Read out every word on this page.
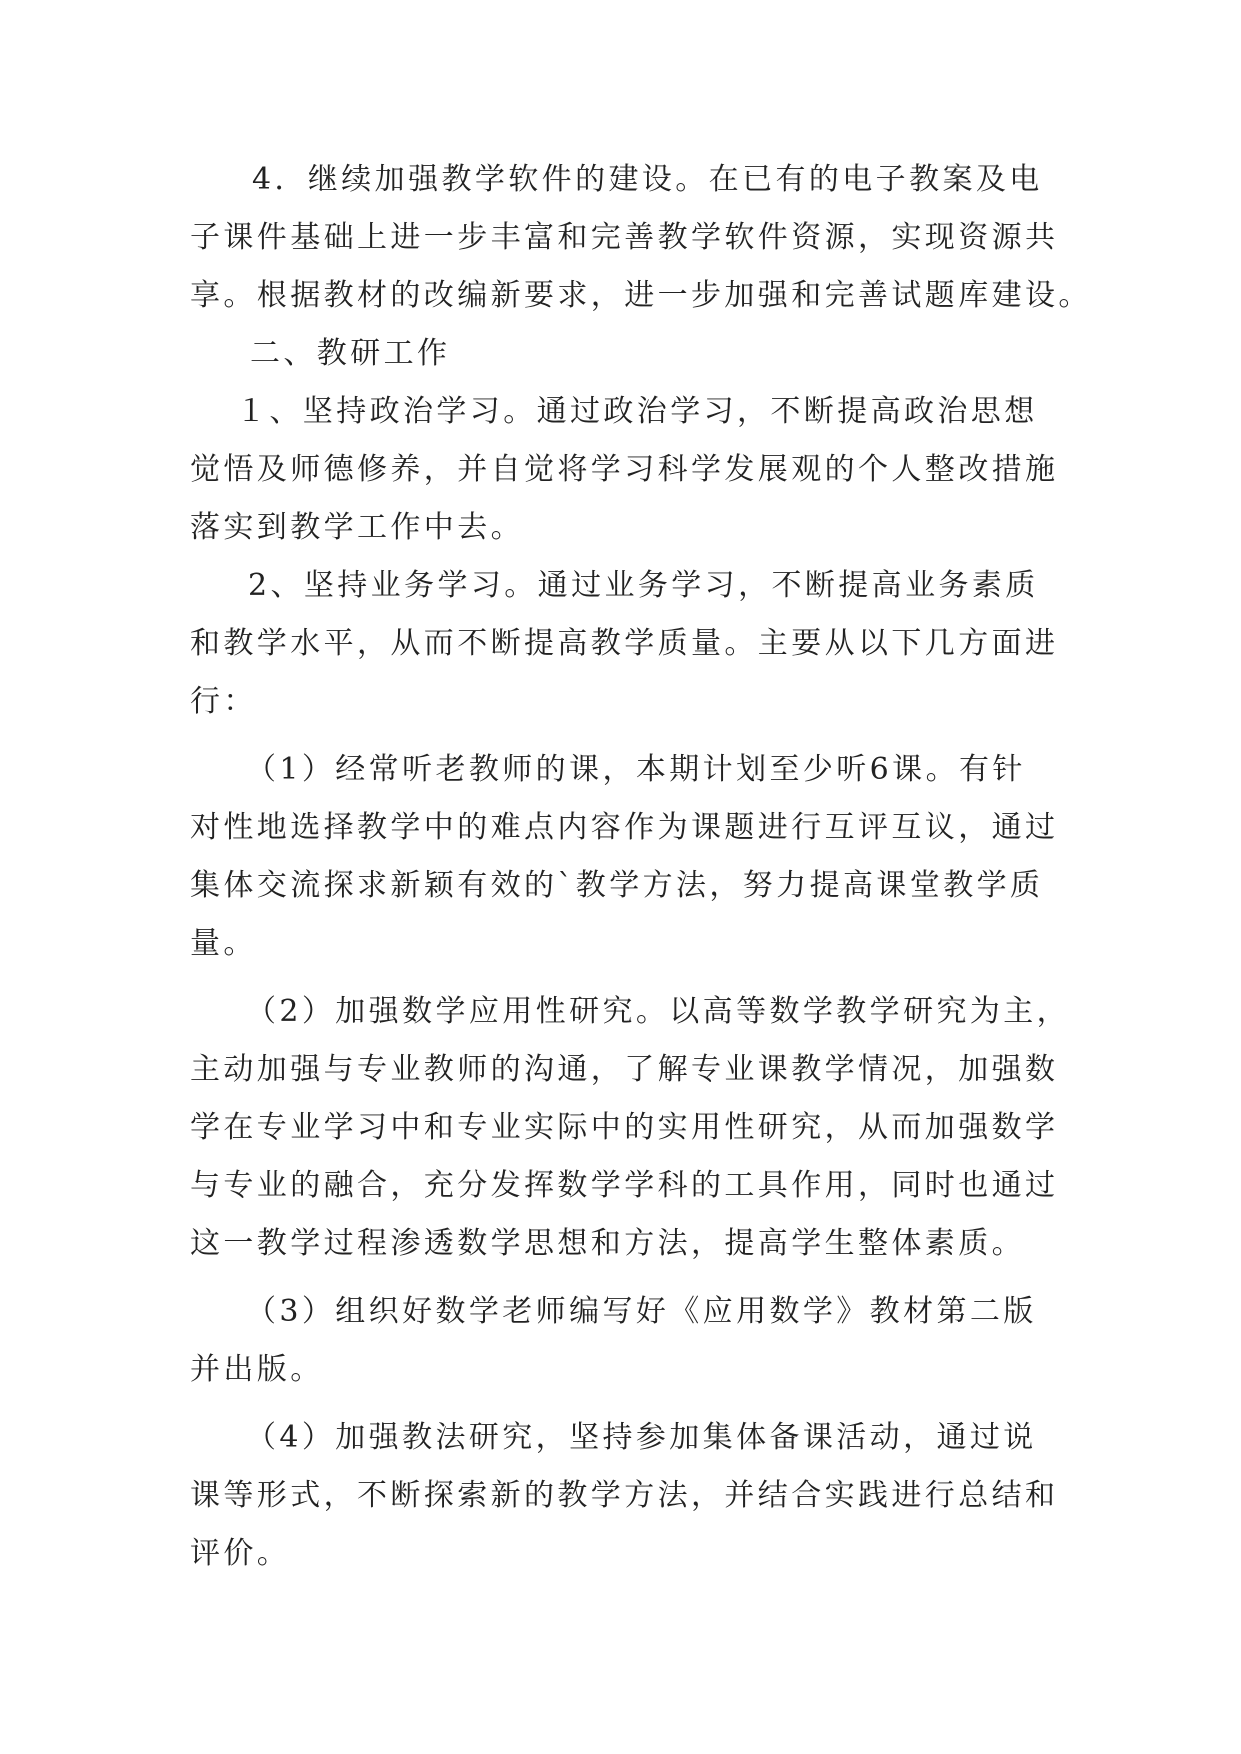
4．继续加强教学软件的建设。在已有的电子教案及电
子课件基础上进一步丰富和完善教学软件资源，实现资源共
享。根据教材的改编新要求，进一步加强和完善试题库建设。
二、教研工作
１、坚持政治学习。通过政治学习，不断提高政治思想
觉悟及师德修养，并自觉将学习科学发展观的个人整改措施
落实到教学工作中去。
2、坚持业务学习。通过业务学习，不断提高业务素质
和教学水平，从而不断提高教学质量。主要从以下几方面进
行：
（1）经常听老教师的课，本期计划至少听6课。有针
对性地选择教学中的难点内容作为课题进行互评互议，通过
集体交流探求新颖有效的`教学方法，努力提高课堂教学质
量。
（2）加强数学应用性研究。以高等数学教学研究为主，
主动加强与专业教师的沟通，了解专业课教学情况，加强数
学在专业学习中和专业实际中的实用性研究，从而加强数学
与专业的融合，充分发挥数学学科的工具作用，同时也通过
这一教学过程渗透数学思想和方法，提高学生整体素质。
（3）组织好数学老师编写好《应用数学》教材第二版
并出版。
（4）加强教法研究，坚持参加集体备课活动，通过说
课等形式，不断探索新的教学方法，并结合实践进行总结和
评价。
